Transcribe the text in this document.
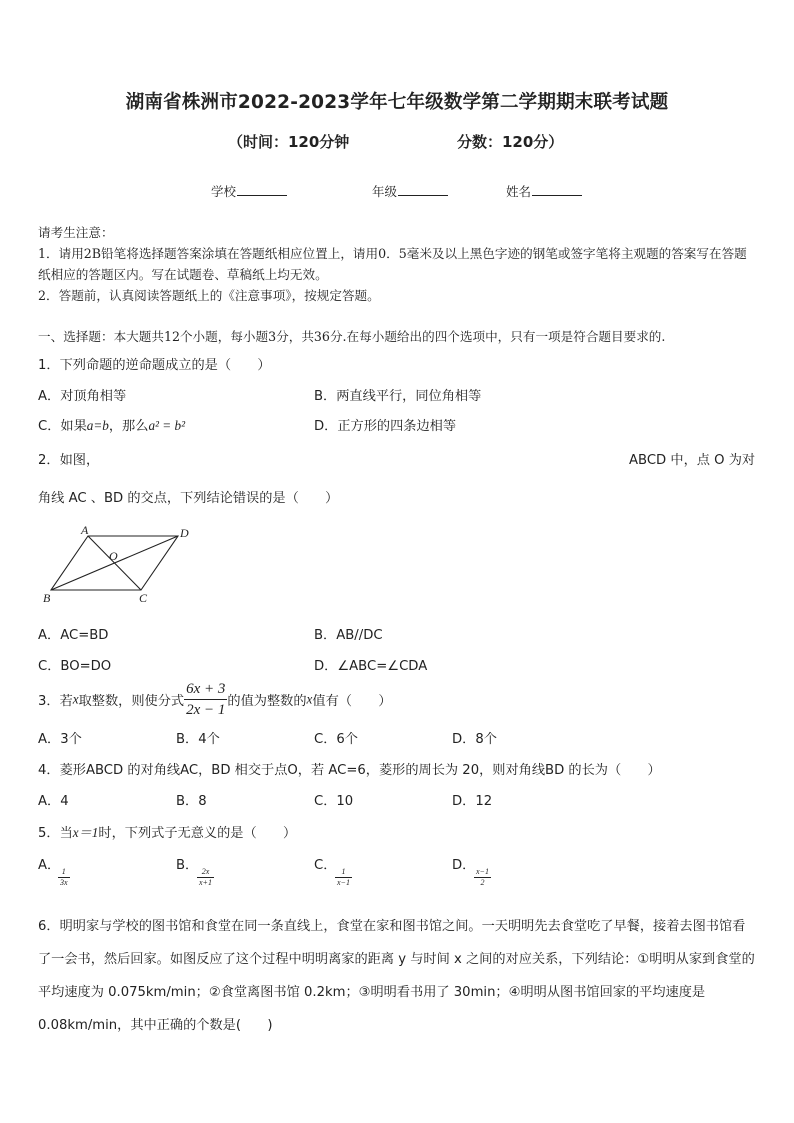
湖南省株洲市2022-2023学年七年级数学第二学期期末联考试题
（时间：120分钟	分数：120分）
学校	年级	姓名
请考生注意：
1．请用2B铅笔将选择题答案涂填在答题纸相应位置上，请用0．5毫米及以上黑色字迹的钢笔或签字笔将主观题的答案写在答题纸相应的答题区内。写在试题卷、草稿纸上均无效。
2．答题前，认真阅读答题纸上的《注意事项》，按规定答题。
一、选择题：本大题共12个小题，每小题3分，共36分.在每小题给出的四个选项中，只有一项是符合题目要求的.
1．下列命题的逆命题成立的是（　　）
A．对顶角相等	B．两直线平行，同位角相等
C．如果a=b，那么a² = b²	D．正方形的四条边相等
2．如图，	ABCD 中，点 O 为对
角线 AC 、BD 的交点，下列结论错误的是（　　）
A	D
O
B	C
A．AC=BD	B．AB//DC
C．BO=DO	D．∠ABC=∠CDA
3．若x取整数，则使分式 $\frac{6x + 3}{2x - 1}$ 的值为整数的x值有（　　）
A．3个	B．4个	C．6个	D．8个
4．菱形ABCD 的对角线AC，BD 相交于点O，若 AC=6，菱形的周长为 20，则对角线BD 的长为（　　）
A．4	B．8	C．10	D．12
5．当x＝1时，下列式子无意义的是（　　）
A．
$\frac{1}{3x}$
B．
$\frac{2x}{x+1}$
C．
$\frac{1}{x-1}$
D．
$\frac{x-1}{2}$
6．明明家与学校的图书馆和食堂在同一条直线上，食堂在家和图书馆之间。一天明明先去食堂吃了早餐，接着去图书馆看了一会书，然后回家。如图反应了这个过程中明明离家的距离 y 与时间 x 之间的对应关系，下列结论：①明明从家到食堂的平均速度为 0.075km/min；②食堂离图书馆 0.2km；③明明看书用了 30min；④明明从图书馆回家的平均速度是 0.08km/min，其中正确的个数是(　　)
